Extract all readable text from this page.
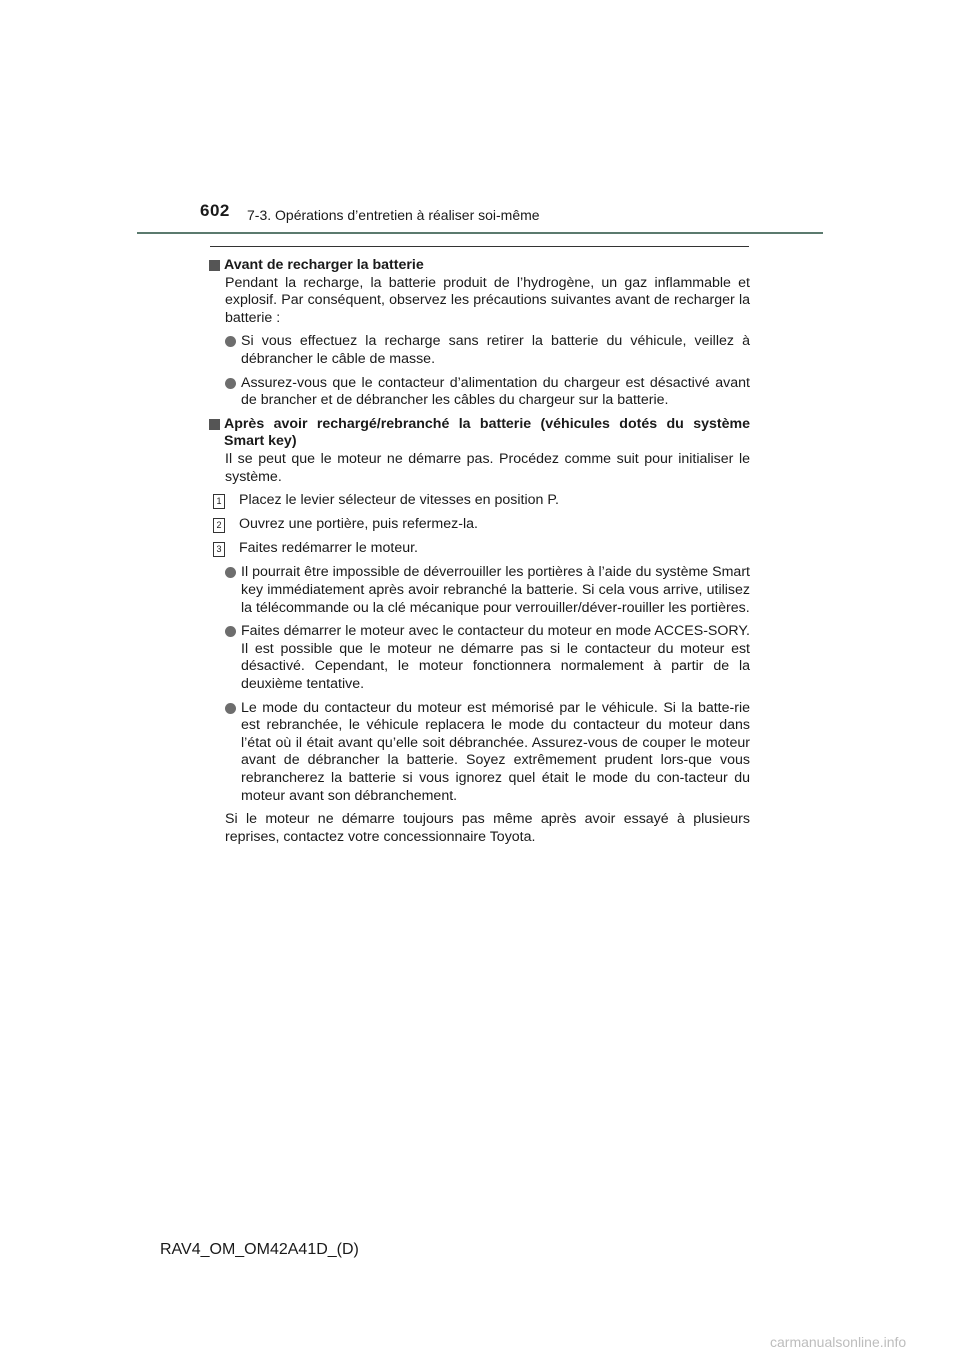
602 7-3. Opérations d’entretien à réaliser soi-même
Avant de recharger la batterie
Pendant la recharge, la batterie produit de l’hydrogène, un gaz inflammable et explosif. Par conséquent, observez les précautions suivantes avant de recharger la batterie :
Si vous effectuez la recharge sans retirer la batterie du véhicule, veillez à débrancher le câble de masse.
Assurez-vous que le contacteur d’alimentation du chargeur est désactivé avant de brancher et de débrancher les câbles du chargeur sur la batterie.
Après avoir rechargé/rebranché la batterie (véhicules dotés du système Smart key)
Il se peut que le moteur ne démarre pas. Procédez comme suit pour initialiser le système.
1 Placez le levier sélecteur de vitesses en position P.
2 Ouvrez une portière, puis refermez-la.
3 Faites redémarrer le moteur.
Il pourrait être impossible de déverrouiller les portières à l’aide du système Smart key immédiatement après avoir rebranché la batterie. Si cela vous arrive, utilisez la télécommande ou la clé mécanique pour verrouiller/déver-rouiller les portières.
Faites démarrer le moteur avec le contacteur du moteur en mode ACCES-SORY. Il est possible que le moteur ne démarre pas si le contacteur du moteur est désactivé. Cependant, le moteur fonctionnera normalement à partir de la deuxième tentative.
Le mode du contacteur du moteur est mémorisé par le véhicule. Si la batte-rie est rebranchée, le véhicule replacera le mode du contacteur du moteur dans l’état où il était avant qu’elle soit débranchée. Assurez-vous de couper le moteur avant de débrancher la batterie. Soyez extrêmement prudent lors-que vous rebrancherez la batterie si vous ignorez quel était le mode du con-tacteur du moteur avant son débranchement.
Si le moteur ne démarre toujours pas même après avoir essayé à plusieurs reprises, contactez votre concessionnaire Toyota.
RAV4_OM_OM42A41D_(D)
carmanualsonline.info
